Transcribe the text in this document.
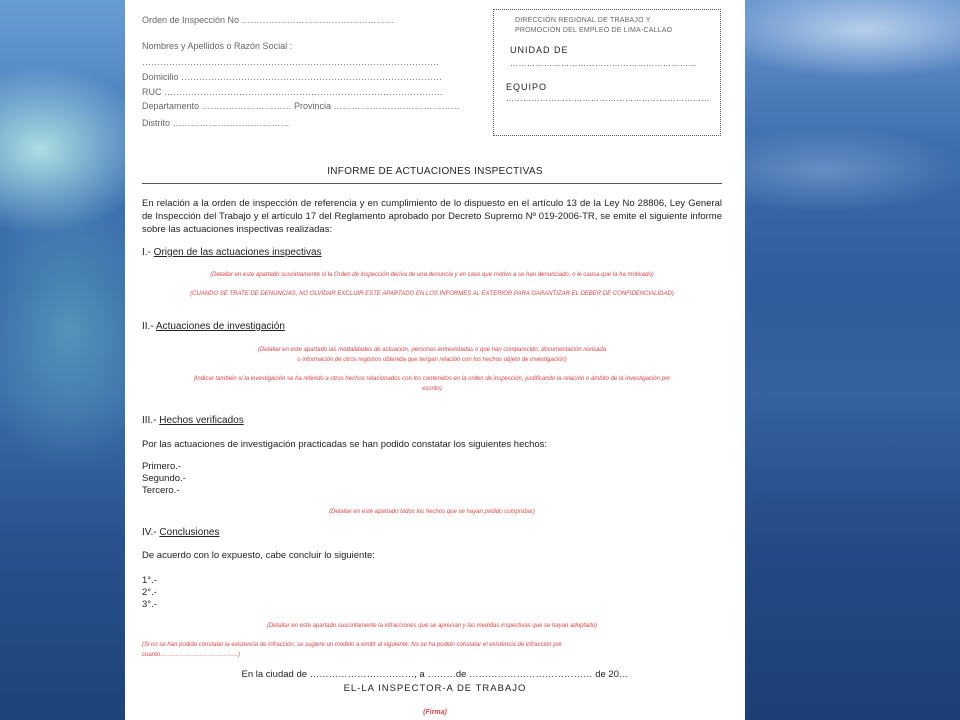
Orden de Inspección No ……………………………………………
Nombres y Apellidos o Razón Social :
………………………………………………………………………………………
Domicilio ……………………………………………………………………………
RUC …………………………………………………………………………………
Departamento ………………………… Provincia ……………………………………
Distrito …………………………………
DIRECCIÓN REGIONAL DE TRABAJO Y
PROMOCIÓN DEL EMPLEO DE LIMA-CALLAO
UNIDAD DE
…………………………………………………………
EQUIPO
………………………………………………………………
INFORME DE ACTUACIONES INSPECTIVAS
En relación a la orden de inspección de referencia y en cumplimiento de lo dispuesto en el artículo 13 de la Ley No 28806, Ley General de Inspección del Trabajo y el artículo 17 del Reglamento aprobado por Decreto Supremo Nº 019-2006-TR, se emite el siguiente informe sobre las actuaciones inspectivas realizadas:
I.- Origen de las actuaciones inspectivas
(Detallar en este apartado suscintamente si la Orden de inspección deriva de una denuncia y en caso que motivo a se han denunciado, o le causa que la ha motivado)
(CUANDO SE TRATE DE DENUNCIAS, NO OLVIDAR EXCLUIR ESTE APARTADO EN LOS INFORMES AL EXTERIOR PARA GARANTIZAR EL DEBER DE CONFIDENCIALIDAD)
II.- Actuaciones de investigación
(Detallar en este apartado las modalidades de actuación, personas entrevistadas o que han comparecido, documentación revisada
o información de otros registros obtenida que tengan relación con los hechos objeto de investigación)
(Indicar también si la investigación se ha referido a otros hechos relacionados con los contenidos en la orden de inspección, justificando la relación o ámbito de la investigación por
escrito)
III.- Hechos verificados
Por las actuaciones de investigación practicadas se han podido constatar los siguientes hechos:
Primero.-
Segundo.-
Tercero.-
(Detallar en este apartado todos los hechos que se hayan podido comprobar)
IV.- Conclusiones
De acuerdo con lo expuesto, cabe concluir lo siguiente:
1°.-
2°.-
3°.-
(Detallar en este apartado suscintamente la infracciones que se aprecian y las medidas inspectivas que se hayan adoptado)
(Si no se han podido constatar la existencia de infracción, se sugiere un modelo a emitir al siguiente: No se ha podido constatar el existencia de infracción por
cuanto…………………………………)
En la ciudad de ……………………………, a ………de ………………………………… de 20…
EL-LA INSPECTOR-A DE TRABAJO
(Firma)
